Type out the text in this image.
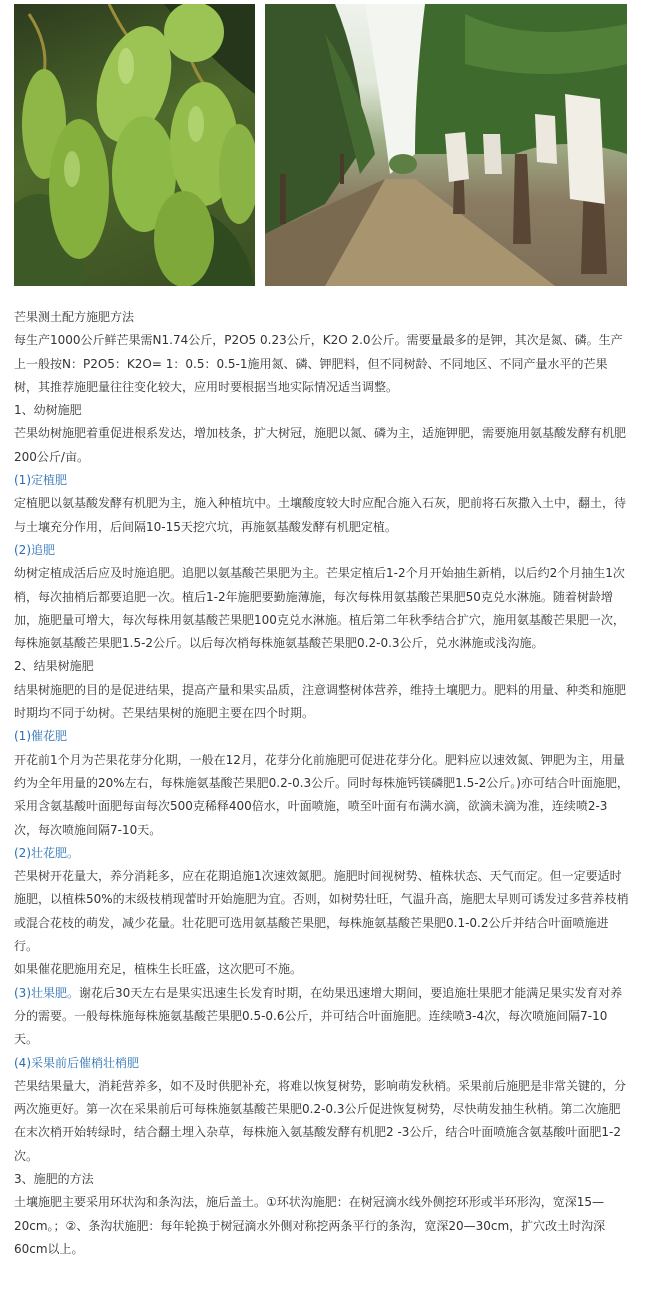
芒果测土配方施肥方法

每生产1000公斤鲜芒果需N1.74公斤，P2O5 0.23公斤，K2O 2.0公斤。需要量最多的是钾，其次是氮、磷。生产上一般按N：P2O5：K2O= 1：0.5：0.5-1施用氮、磷、钾肥料，但不同树龄、不同地区、不同产量水平的芒果树，其推荐施肥量往往变化较大，应用时要根据当地实际情况适当调整。

1、幼树施肥

芒果幼树施肥着重促进根系发达，增加枝条，扩大树冠，施肥以氮、磷为主，适施钾肥，需要施用氨基酸发酵有机肥200公斤/亩。

(1)定植肥

定植肥以氨基酸发酵有机肥为主，施入种植坑中。土壤酸度较大时应配合施入石灰，肥前将石灰撒入土中，翻土，待与土壤充分作用，后间隔10-15天挖穴坑，再施氨基酸发酵有机肥定植。

(2)追肥

幼树定植成活后应及时施追肥。追肥以氨基酸芒果肥为主。芒果定植后1-2个月开始抽生新梢，以后约2个月抽生1次梢，每次抽梢后都要追肥一次。植后1-2年施肥要勤施薄施，每次每株用氨基酸芒果肥50克兑水淋施。随着树龄增加，施肥量可增大，每次每株用氨基酸芒果肥100克兑水淋施。植后第二年秋季结合扩穴，施用氨基酸芒果肥一次，每株施氨基酸芒果肥1.5-2公斤。以后每次梢每株施氨基酸芒果肥0.2-0.3公斤，兑水淋施或浅沟施。

2、结果树施肥

结果树施肥的目的是促进结果，提高产量和果实品质，注意调整树体营养，维持土壤肥力。肥料的用量、种类和施肥时期均不同于幼树。芒果结果树的施肥主要在四个时期。

(1)催花肥

开花前1个月为芒果花芽分化期，一般在12月，花芽分化前施肥可促进花芽分化。肥料应以速效氮、钾肥为主，用量约为全年用量的20%左右，每株施氨基酸芒果肥0.2-0.3公斤。同时每株施钙镁磷肥1.5-2公斤。)亦可结合叶面施肥，采用含氨基酸叶面肥每亩每次500克稀释400倍水，叶面喷施，喷至叶面有布满水滴，欲滴未滴为准，连续喷2-3次，每次喷施间隔7-10天。

(2)壮花肥。

芒果树开花量大，养分消耗多，应在花期追施1次速效氮肥。施肥时间视树势、植株状态、天气而定。但一定要适时施肥，以植株50%的末级枝梢现蕾时开始施肥为宜。否则，如树势壮旺，气温升高，施肥太早则可诱发过多营养枝梢或混合花枝的萌发，减少花量。壮花肥可选用氨基酸芒果肥，每株施氨基酸芒果肥0.1-0.2公斤并结合叶面喷施进行。

如果催花肥施用充足，植株生长旺盛，这次肥可不施。

(3)壮果肥。谢花后30天左右是果实迅速生长发育时期，在幼果迅速增大期间，要追施壮果肥才能满足果实发育对养分的需要。一般每株施每株施氨基酸芒果肥0.5-0.6公斤，并可结合叶面施肥。连续喷3-4次，每次喷施间隔7-10天。

(4)采果前后催梢壮梢肥

芒果结果量大，消耗营养多，如不及时供肥补充，将难以恢复树势，影响萌发秋梢。采果前后施肥是非常关键的，分两次施更好。第一次在采果前后可每株施氨基酸芒果肥0.2-0.3公斤促进恢复树势，尽快萌发抽生秋梢。第二次施肥在末次梢开始转绿时，结合翻土埋入杂草，每株施入氨基酸发酵有机肥2 -3公斤，结合叶面喷施含氨基酸叶面肥1-2次。

3、施肥的方法

土壤施肥主要采用环状沟和条沟法，施后盖土。①环状沟施肥：在树冠滴水线外侧挖环形或半环形沟，宽深15—20cm。；②、条沟状施肥：每年轮换于树冠滴水外侧对称挖两条平行的条沟，宽深20—30cm，扩穴改土时沟深60cm以上。
